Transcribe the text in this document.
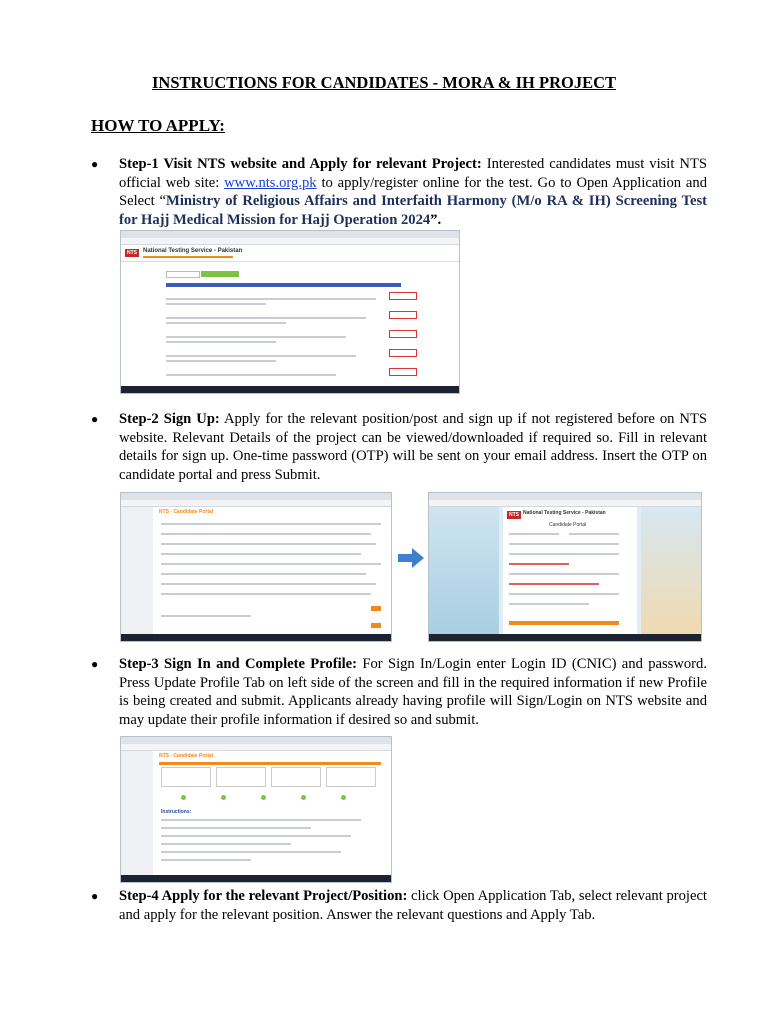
INSTRUCTIONS FOR CANDIDATES - MORA & IH PROJECT
HOW TO APPLY:
● Step-1 Visit NTS website and Apply for relevant Project: Interested candidates must visit NTS official web site: www.nts.org.pk to apply/register online for the test. Go to Open Application and Select “Ministry of Religious Affairs and Interfaith Harmony (M/o RA & IH) Screening Test for Hajj Medical Mission for Hajj Operation 2024”.
NTS	National Testing Service - Pakistan
● Step-2 Sign Up: Apply for the relevant position/post and sign up if not registered before on NTS website. Relevant Details of the project can be viewed/downloaded if required so. Fill in relevant details for sign up. One-time password (OTP) will be sent on your email address. Insert the OTP on candidate portal and press Submit.
NTS - Candidate Portal	NTS National Testing Service - Pakistan
Candidate Portal
● Step-3 Sign In and Complete Profile: For Sign In/Login enter Login ID (CNIC) and password. Press Update Profile Tab on left side of the screen and fill in the required information if new Profile is being created and submit. Applicants already having profile will Sign/Login on NTS website and may update their profile information if desired so and submit.
NTS - Candidate Portal
Instructions:
● Step-4 Apply for the relevant Project/Position: click Open Application Tab, select relevant project and apply for the relevant position. Answer the relevant questions and Apply Tab.
